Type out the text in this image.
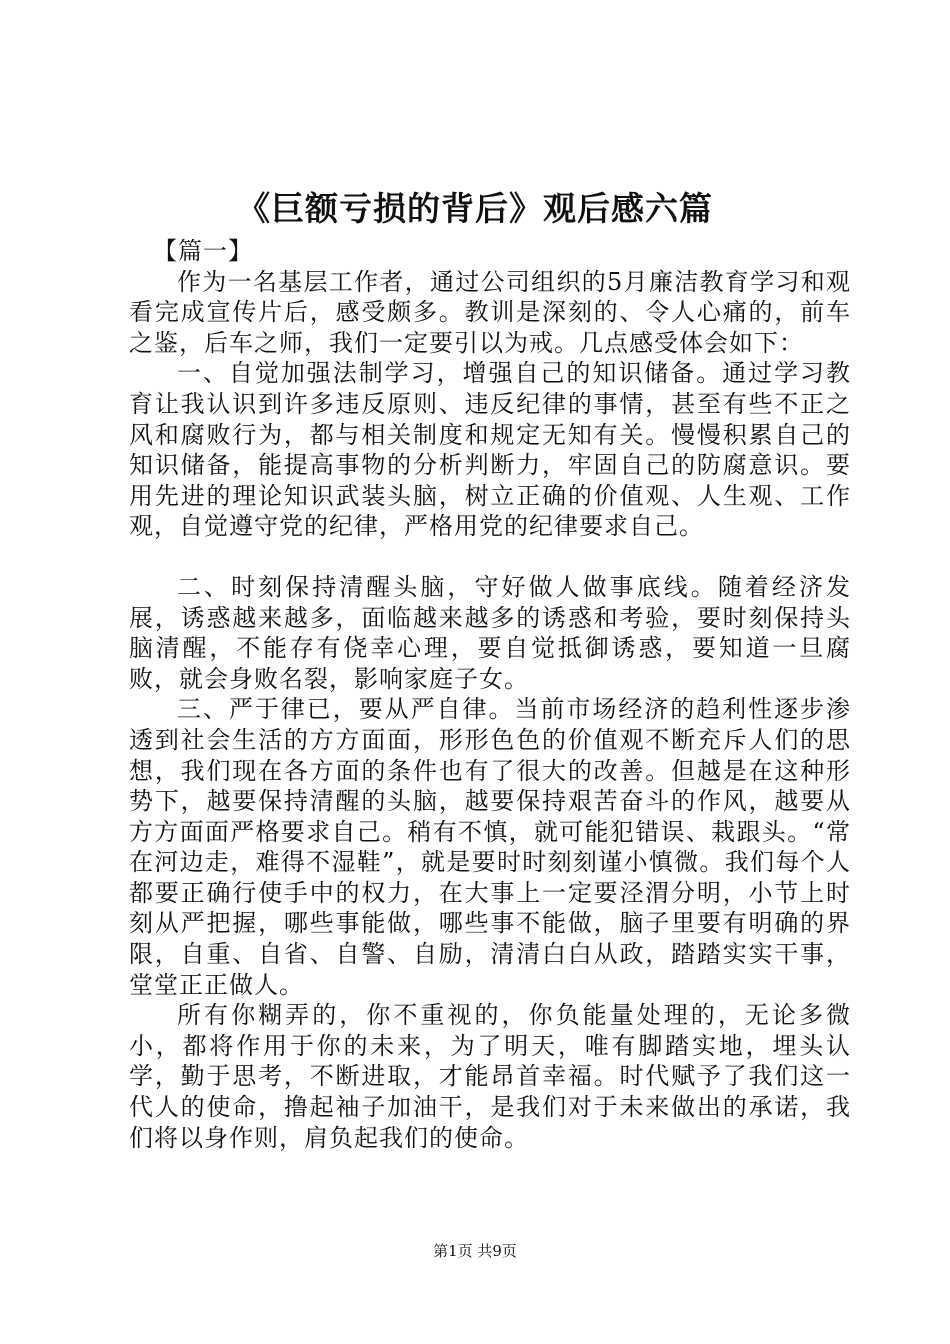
《巨额亏损的背后》观后感六篇

【篇一】

作为一名基层工作者，通过公司组织的5月廉洁教育学习和观看完成宣传片后，感受颇多。教训是深刻的、令人心痛的，前车之鉴，后车之师，我们一定要引以为戒。几点感受体会如下：

一、自觉加强法制学习，增强自己的知识储备。通过学习教育让我认识到许多违反原则、违反纪律的事情，甚至有些不正之风和腐败行为，都与相关制度和规定无知有关。慢慢积累自己的知识储备，能提高事物的分析判断力，牢固自己的防腐意识。要用先进的理论知识武装头脑，树立正确的价值观、人生观、工作观，自觉遵守党的纪律，严格用党的纪律要求自己。

二、时刻保持清醒头脑，守好做人做事底线。随着经济发展，诱惑越来越多，面临越来越多的诱惑和考验，要时刻保持头脑清醒，不能存有侥幸心理，要自觉抵御诱惑，要知道一旦腐败，就会身败名裂，影响家庭子女。

三、严于律已，要从严自律。当前市场经济的趋利性逐步渗透到社会生活的方方面面，形形色色的价值观不断充斥人们的思想，我们现在各方面的条件也有了很大的改善。但越是在这种形势下，越要保持清醒的头脑，越要保持艰苦奋斗的作风，越要从方方面面严格要求自己。稍有不慎，就可能犯错误、栽跟头。“常在河边走，难得不湿鞋”，就是要时时刻刻谨小慎微。我们每个人都要正确行使手中的权力，在大事上一定要泾渭分明，小节上时刻从严把握，哪些事能做，哪些事不能做，脑子里要有明确的界限，自重、自省、自警、自励，清清白白从政，踏踏实实干事，堂堂正正做人。

所有你糊弄的，你不重视的，你负能量处理的，无论多微小，都将作用于你的未来，为了明天，唯有脚踏实地，埋头认学，勤于思考，不断进取，才能昂首幸福。时代赋予了我们这一代人的使命，撸起袖子加油干，是我们对于未来做出的承诺，我们将以身作则，肩负起我们的使命。

第1页 共9页
